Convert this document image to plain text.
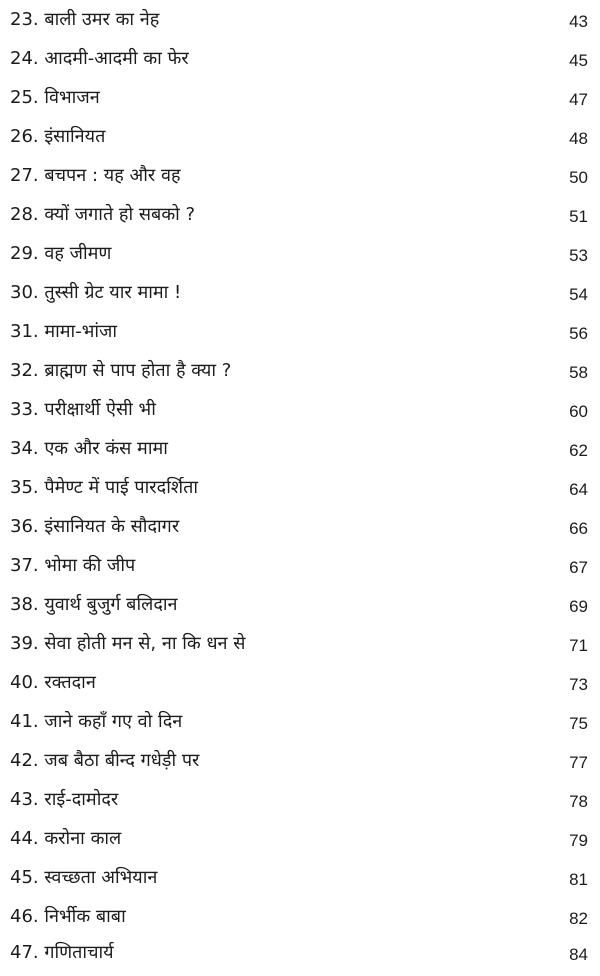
23. बाली उमर का नेह	43
24. आदमी-आदमी का फेर	45
25. विभाजन	47
26. इंसानियत	48
27. बचपन : यह और वह	50
28. क्यों जगाते हो सबको ?	51
29. वह जीमण	53
30. तुस्सी ग्रेट यार मामा !	54
31. मामा-भांजा	56
32. ब्राह्मण से पाप होता है क्या ?	58
33. परीक्षार्थी ऐसी भी	60
34. एक और कंस मामा	62
35. पैमेण्ट में पाई पारदर्शिता	64
36. इंसानियत के सौदागर	66
37. भोमा की जीप	67
38. युवार्थ बुजुर्ग बलिदान	69
39. सेवा होती मन से, ना कि धन से	71
40. रक्तदान	73
41. जाने कहाँ गए वो दिन	75
42. जब बैठा बीन्द गधेड़ी पर	77
43. राई-दामोदर	78
44. करोना काल	79
45. स्वच्छता अभियान	81
46. निर्भीक बाबा	82
47. गणिताचार्य	84
